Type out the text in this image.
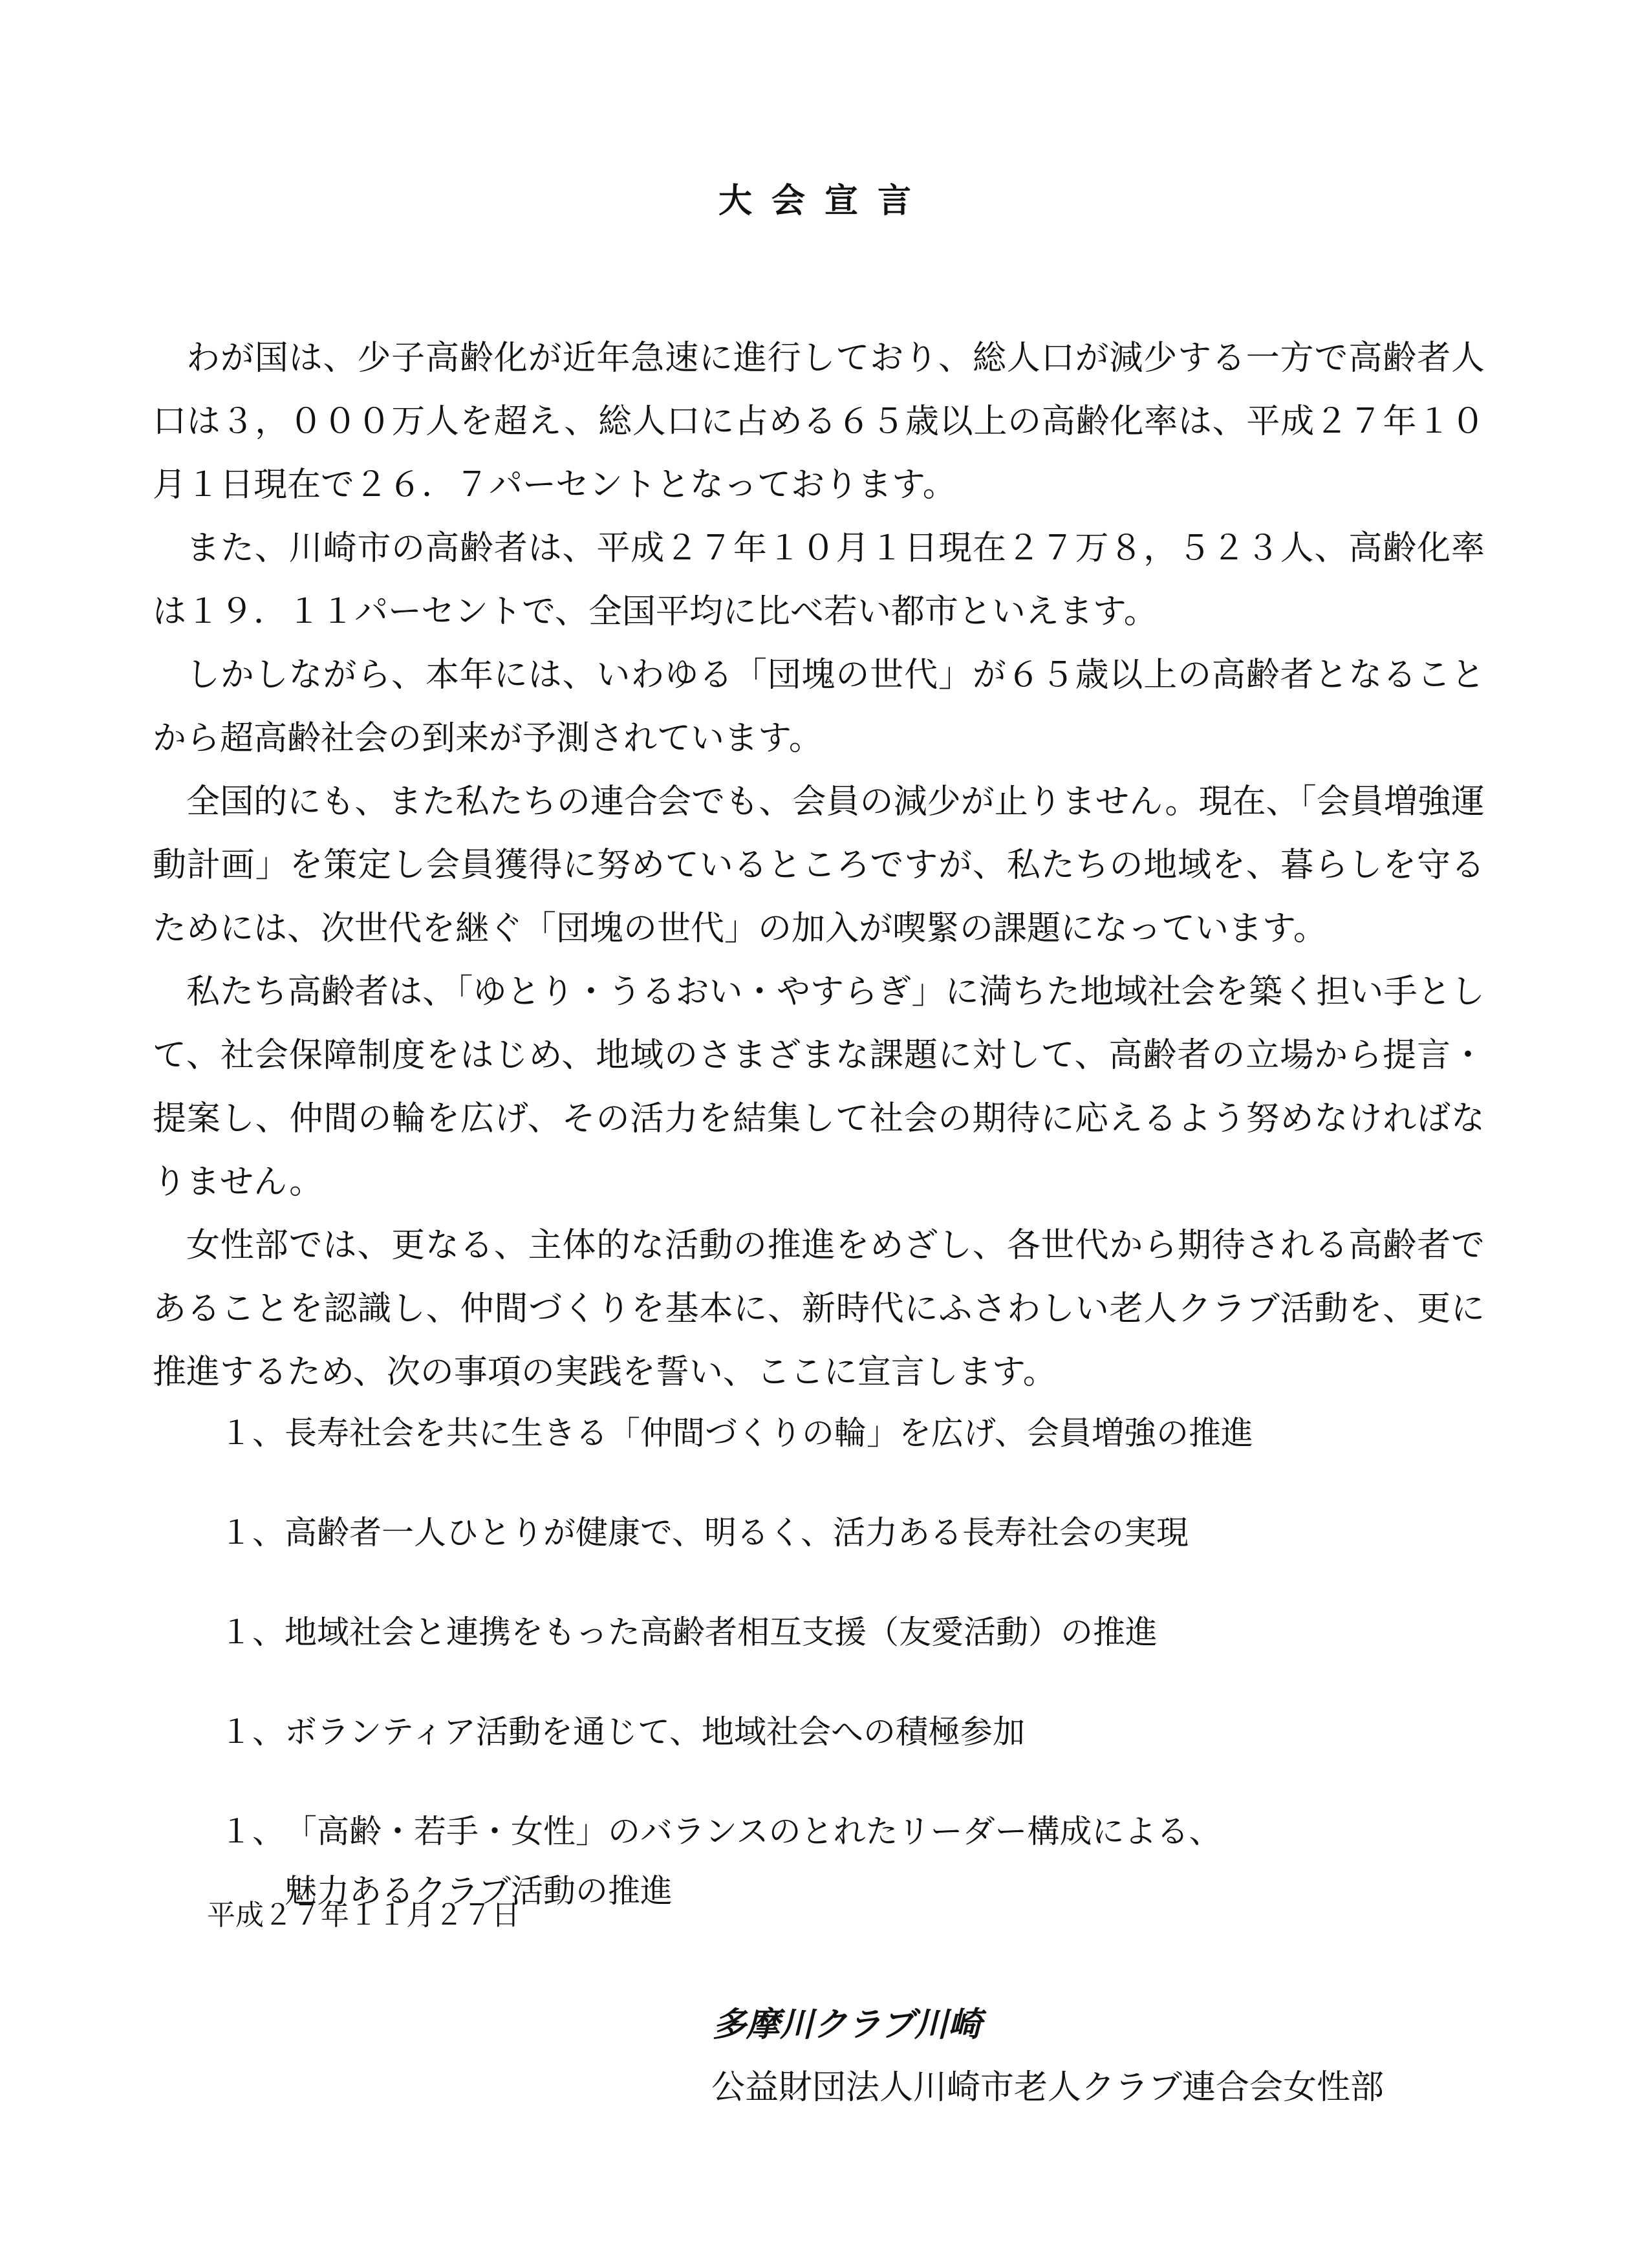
大会宣言

わが国は、少子高齢化が近年急速に進行しており、総人口が減少する一方で高齢者人口は３，０００万人を超え、総人口に占める６５歳以上の高齢化率は、平成２７年１０月１日現在で２６．７パーセントとなっております。

また、川崎市の高齢者は、平成２７年１０月１日現在２７万８，５２３人、高齢化率は１９．１１パーセントで、全国平均に比べ若い都市といえます。

しかしながら、本年には、いわゆる「団塊の世代」が６５歳以上の高齢者となることから超高齢社会の到来が予測されています。

全国的にも、また私たちの連合会でも、会員の減少が止りません。現在、「会員増強運動計画」を策定し会員獲得に努めているところですが、私たちの地域を、暮らしを守るためには、次世代を継ぐ「団塊の世代」の加入が喫緊の課題になっています。

私たち高齢者は、「ゆとり・うるおい・やすらぎ」に満ちた地域社会を築く担い手として、社会保障制度をはじめ、地域のさまざまな課題に対して、高齢者の立場から提言・提案し、仲間の輪を広げ、その活力を結集して社会の期待に応えるよう努めなければなりません。

女性部では、更なる、主体的な活動の推進をめざし、各世代から期待される高齢者であることを認識し、仲間づくりを基本に、新時代にふさわしい老人クラブ活動を、更に推進するため、次の事項の実践を誓い、ここに宣言します。

１、 長寿社会を共に生きる「仲間づくりの輪」を広げ、会員増強の推進
１、 高齢者一人ひとりが健康で、明るく、活力ある長寿社会の実現
１、 地域社会と連携をもった高齢者相互支援（友愛活動）の推進
１、 ボランティア活動を通じて、地域社会への積極参加
１、 「高齢・若手・女性」のバランスのとれたリーダー構成による、
魅力あるクラブ活動の推進
平成２７年１１月２７日
多摩川クラブ川崎
公益財団法人川崎市老人クラブ連合会女性部
